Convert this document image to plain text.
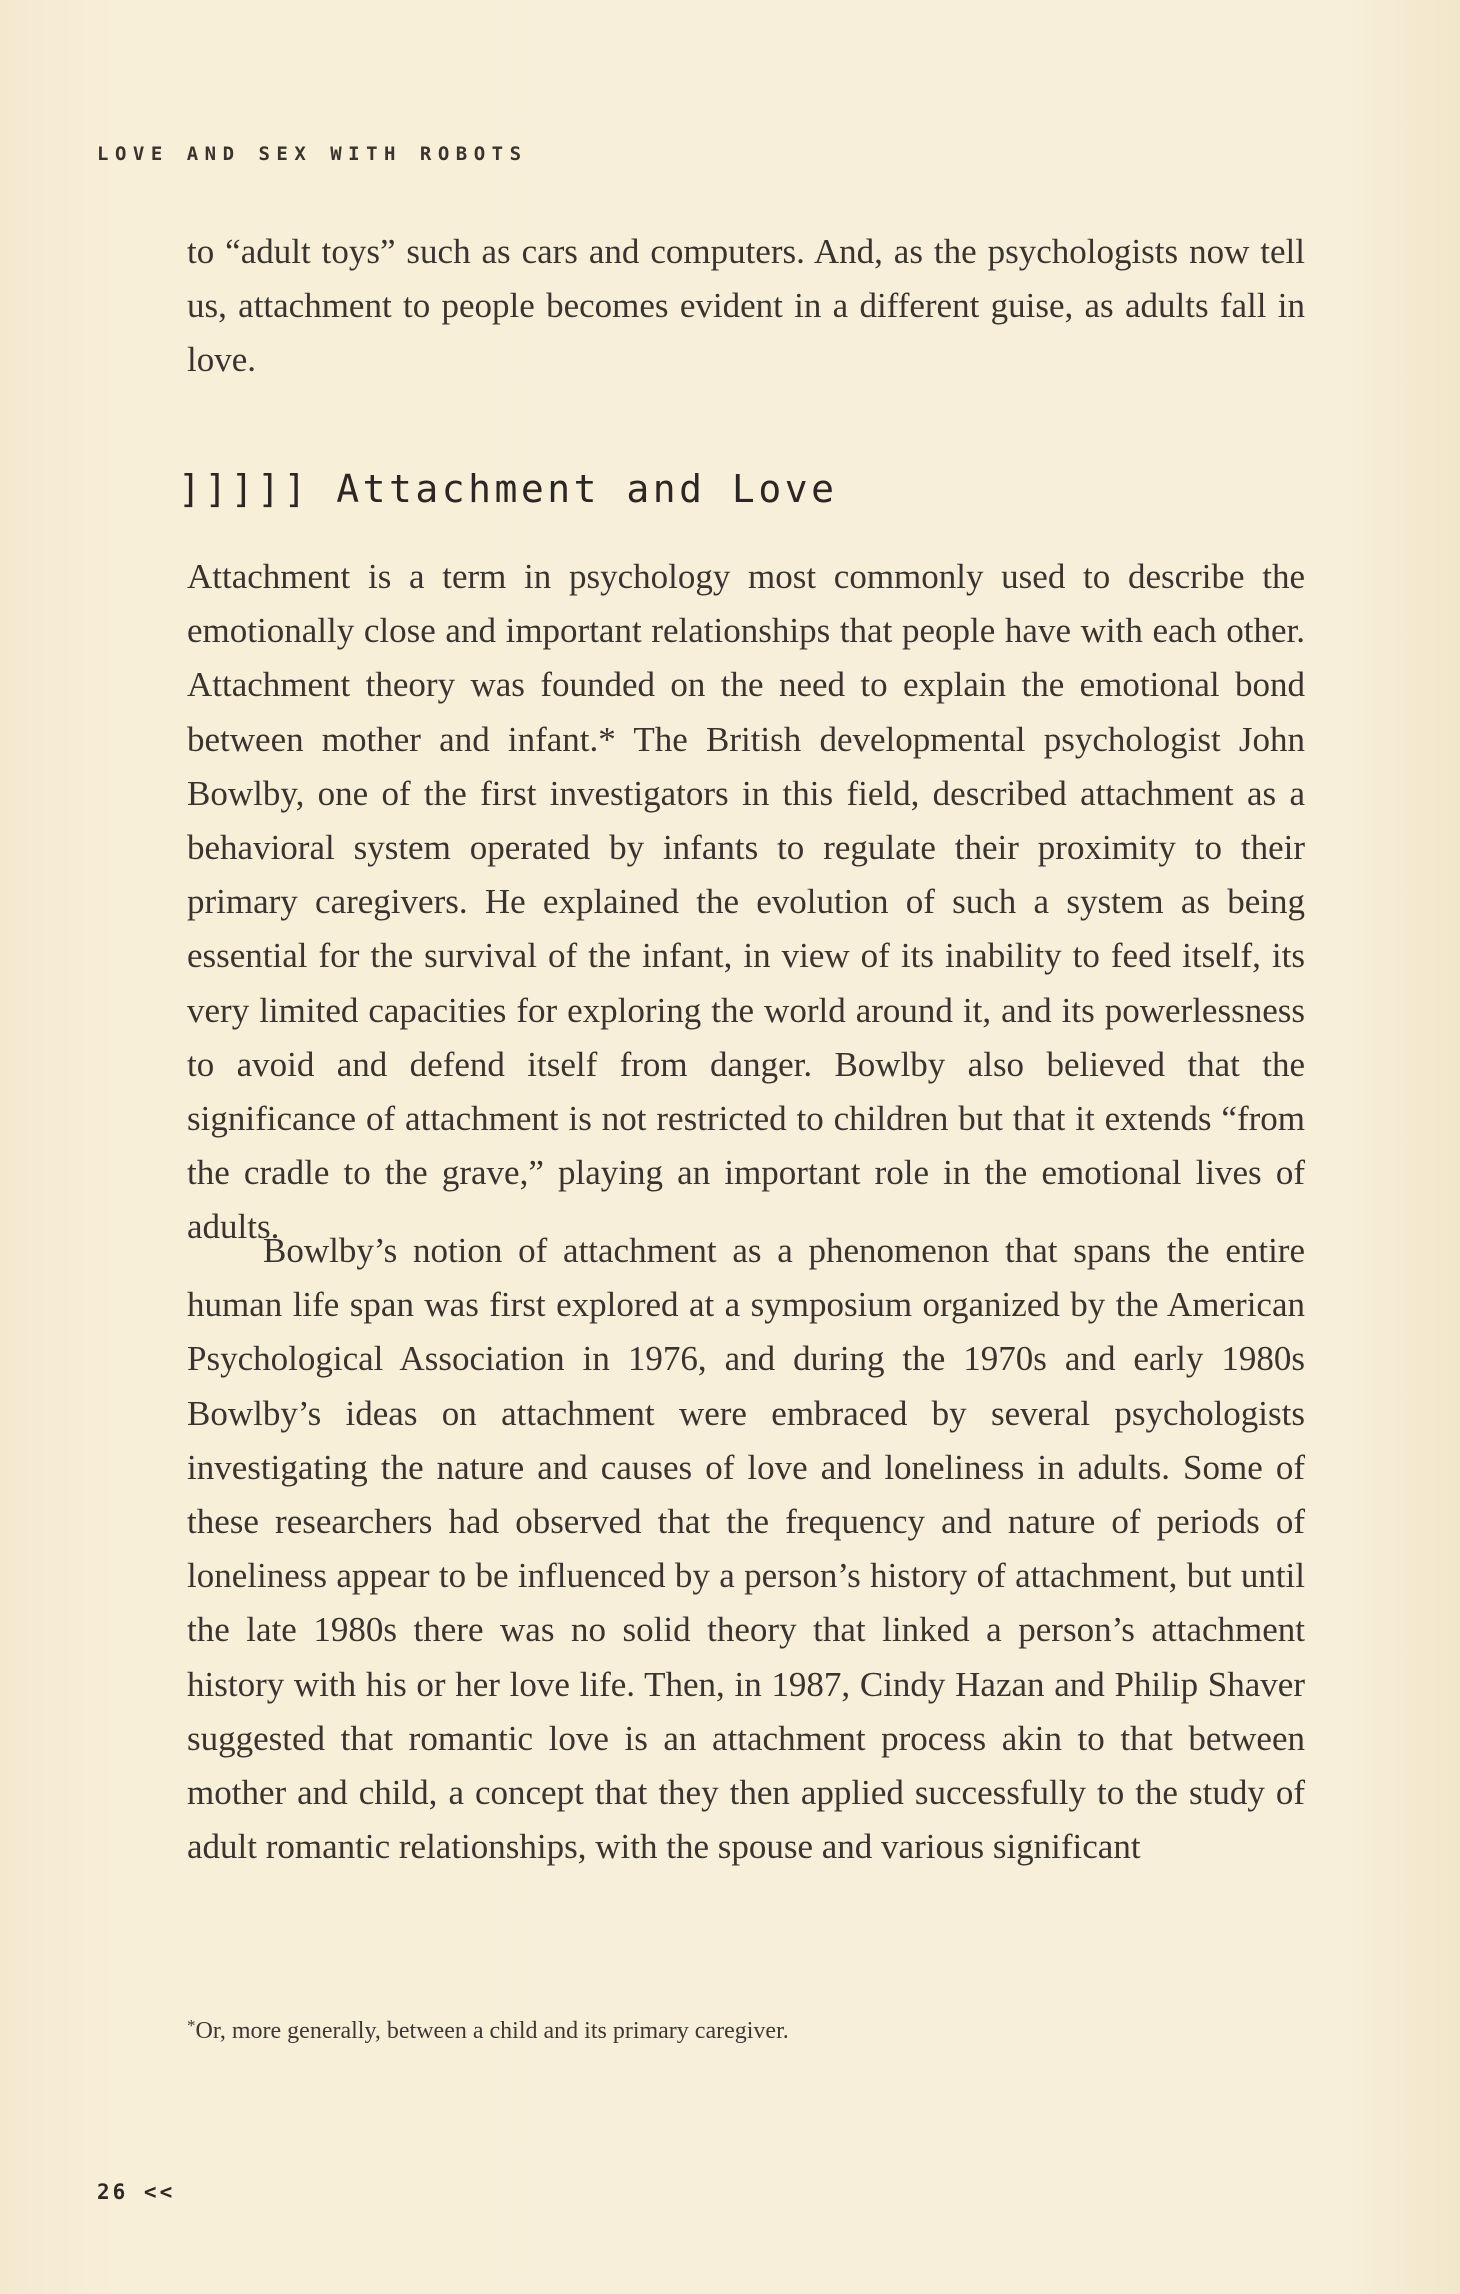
LOVE AND SEX WITH ROBOTS

to “adult toys” such as cars and computers. And, as the psychologists now tell us, attachment to people becomes evident in a different guise, as adults fall in love.

]]]]] Attachment and Love

Attachment is a term in psychology most commonly used to describe the emotionally close and important relationships that people have with each other. Attachment theory was founded on the need to explain the emotional bond between mother and infant.* The British developmental psychologist John Bowlby, one of the first investigators in this field, described attachment as a behavioral system operated by infants to regulate their proximity to their primary caregivers. He explained the evolution of such a system as being essential for the survival of the infant, in view of its inability to feed itself, its very limited capacities for exploring the world around it, and its powerlessness to avoid and defend itself from danger. Bowlby also believed that the significance of attachment is not restricted to children but that it extends “from the cradle to the grave,” playing an important role in the emotional lives of adults.

Bowlby’s notion of attachment as a phenomenon that spans the entire human life span was first explored at a symposium organized by the American Psychological Association in 1976, and during the 1970s and early 1980s Bowlby’s ideas on attachment were embraced by several psychologists investigating the nature and causes of love and loneliness in adults. Some of these researchers had observed that the frequency and nature of periods of loneliness appear to be influenced by a person’s history of attachment, but until the late 1980s there was no solid theory that linked a person’s attachment history with his or her love life. Then, in 1987, Cindy Hazan and Philip Shaver suggested that romantic love is an attachment process akin to that between mother and child, a concept that they then applied successfully to the study of adult romantic relationships, with the spouse and various significant

*Or, more generally, between a child and its primary caregiver.
26 <<
